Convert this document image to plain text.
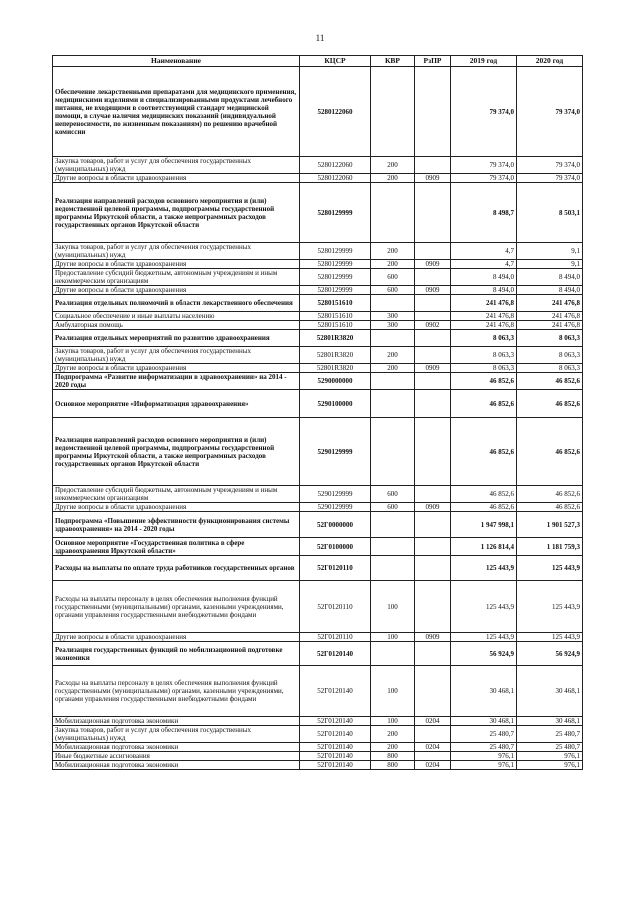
11
Наименование	КЦСР	КВР	РзПР	2019 год	2020 год
Обеспечение лекарственными препаратами для медицинского применения, медицинскими изделиями и специализированными продуктами лечебного питания, не входящими в соответствующий стандарт медицинской помощи, в случае наличия медицинских показаний (индивидуальной непереносимости, по жизненным показаниям) по решению врачебной комиссии	5280122060			79 374,0	79 374,0
Закупка товаров, работ и услуг для обеспечения государственных (муниципальных) нужд	5280122060	200		79 374,0	79 374,0
Другие вопросы в области здравоохранения	5280122060	200	0909	79 374,0	79 374,0
Реализация направлений расходов основного мероприятия и (или) ведомственной целевой программы, подпрограммы государственной программы Иркутской области, а также непрограммных расходов государственных органов Иркутской области	5280129999			8 498,7	8 503,1
Закупка товаров, работ и услуг для обеспечения государственных (муниципальных) нужд	5280129999	200		4,7	9,1
Другие вопросы в области здравоохранения	5280129999	200	0909	4,7	9,1
Предоставление субсидий бюджетным, автономным учреждениям и иным некоммерческим организациям	5280129999	600		8 494,0	8 494,0
Другие вопросы в области здравоохранения	5280129999	600	0909	8 494,0	8 494,0
Реализация отдельных полномочий в области лекарственного обеспечения	5280151610			241 476,8	241 476,8
Социальное обеспечение и иные выплаты населению	5280151610	300		241 476,8	241 476,8
Амбулаторная помощь	5280151610	300	0902	241 476,8	241 476,8
Реализация отдельных мероприятий по развитию здравоохранения	52801R3820			8 063,3	8 063,3
Закупка товаров, работ и услуг для обеспечения государственных (муниципальных) нужд	52801R3820	200		8 063,3	8 063,3
Другие вопросы в области здравоохранения	52801R3820	200	0909	8 063,3	8 063,3
Подпрограмма «Развитие информатизации в здравоохранении» на 2014 - 2020 годы	5290000000			46 852,6	46 852,6
Основное мероприятие «Информатизация здравоохранения»	5290100000			46 852,6	46 852,6
Реализация направлений расходов основного мероприятия и (или) ведомственной целевой программы, подпрограммы государственной программы Иркутской области, а также непрограммных расходов государственных органов Иркутской области	5290129999			46 852,6	46 852,6
Предоставление субсидий бюджетным, автономным учреждениям и иным некоммерческим организациям	5290129999	600		46 852,6	46 852,6
Другие вопросы в области здравоохранения	5290129999	600	0909	46 852,6	46 852,6
Подпрограмма «Повышение эффективности функционирования системы здравоохранения» на 2014 - 2020 годы	52Г0000000			1 947 998,1	1 901 527,3
Основное мероприятие «Государственная политика в сфере здравоохранения Иркутской области»	52Г0100000			1 126 814,4	1 181 759,3
Расходы на выплаты по оплате труда работников государственных органов	52Г0120110			125 443,9	125 443,9
Расходы на выплаты персоналу в целях обеспечения выполнения функций государственными (муниципальными) органами, казенными учреждениями, органами управления государственными внебюджетными фондами	52Г0120110	100		125 443,9	125 443,9
Другие вопросы в области здравоохранения	52Г0120110	100	0909	125 443,9	125 443,9
Реализация государственных функций по мобилизационной подготовке экономики	52Г0120140			56 924,9	56 924,9
Расходы на выплаты персоналу в целях обеспечения выполнения функций государственными (муниципальными) органами, казенными учреждениями, органами управления государственными внебюджетными фондами	52Г0120140	100		30 468,1	30 468,1
Мобилизационная подготовка экономики	52Г0120140	100	0204	30 468,1	30 468,1
Закупка товаров, работ и услуг для обеспечения государственных (муниципальных) нужд	52Г0120140	200		25 480,7	25 480,7
Мобилизационная подготовка экономики	52Г0120140	200	0204	25 480,7	25 480,7
Иные бюджетные ассигнования	52Г0120140	800		976,1	976,1
Мобилизационная подготовка экономики	52Г0120140	800	0204	976,1	976,1
